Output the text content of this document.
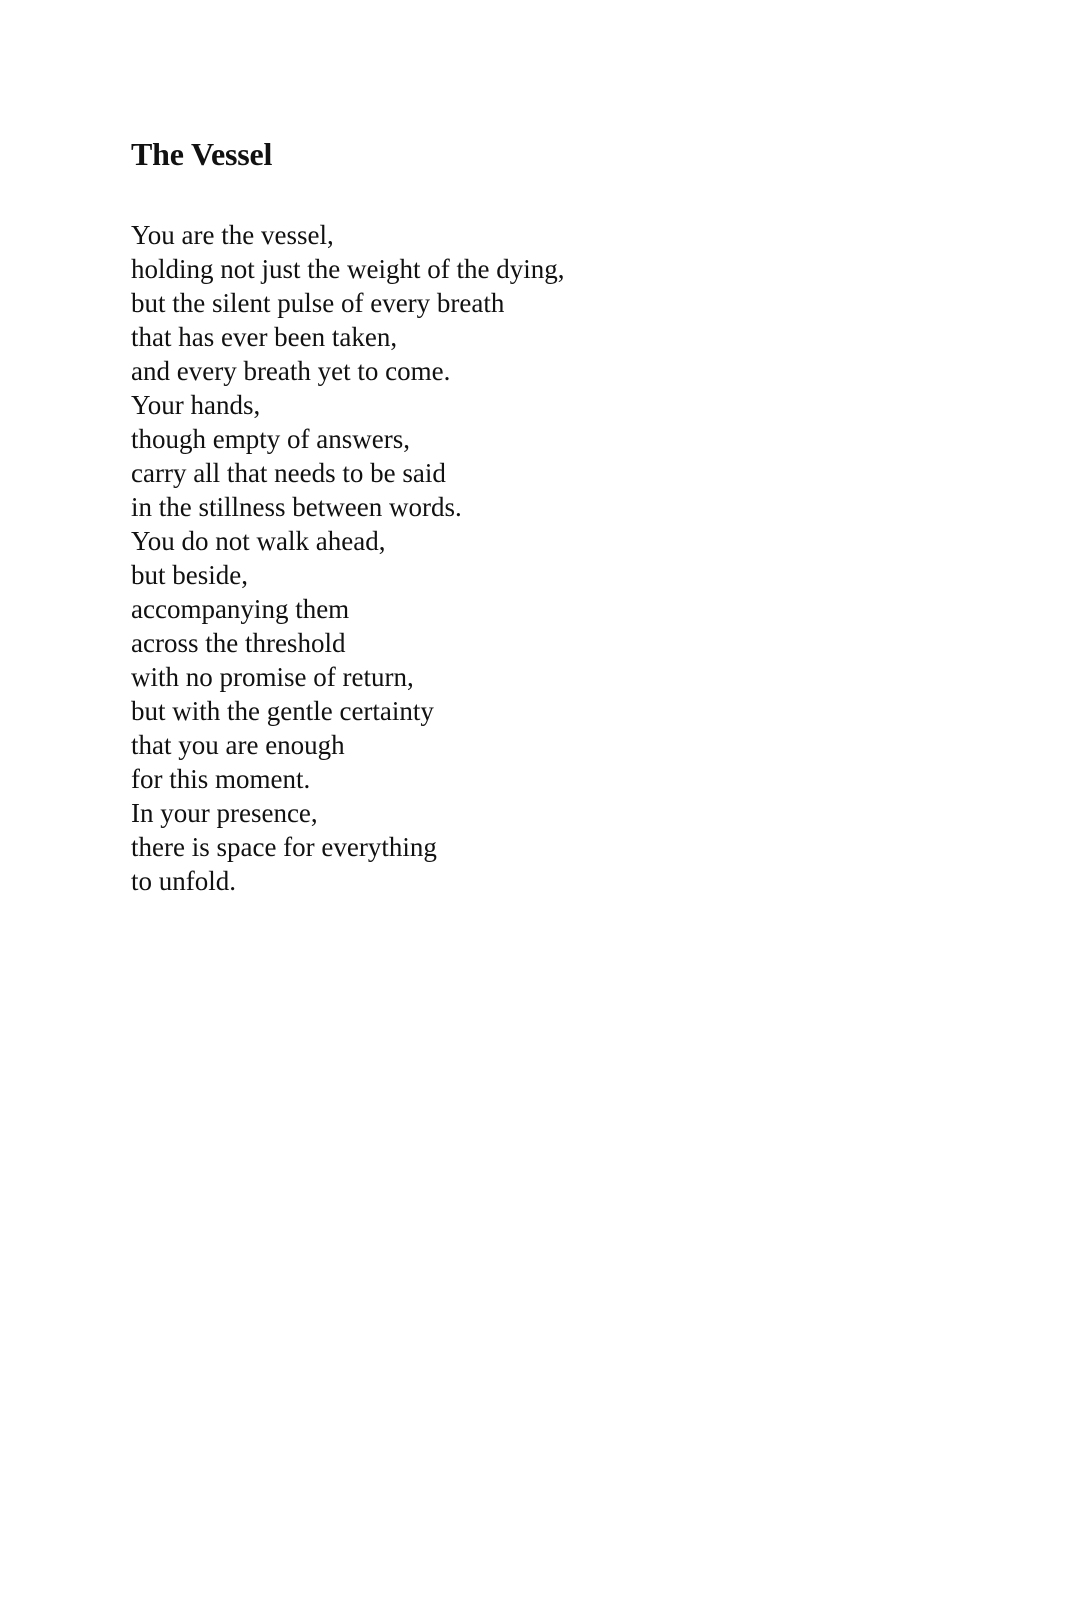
The Vessel
You are the vessel,
holding not just the weight of the dying,
but the silent pulse of every breath
that has ever been taken,
and every breath yet to come.
Your hands,
though empty of answers,
carry all that needs to be said
in the stillness between words.
You do not walk ahead,
but beside,
accompanying them
across the threshold
with no promise of return,
but with the gentle certainty
that you are enough
for this moment.
In your presence,
there is space for everything
to unfold.
